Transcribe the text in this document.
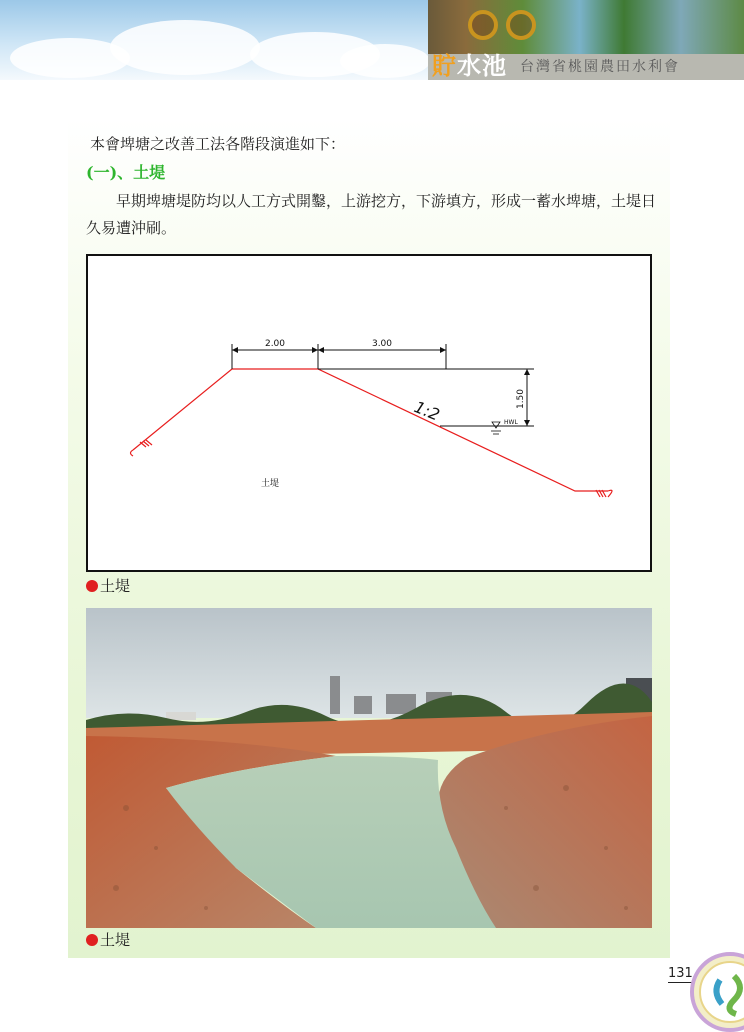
貯水池 台灣省桃園農田水利會
本會埤塘之改善工法各階段演進如下：
(一)、土堤
早期埤塘堤防均以人工方式開鑿，上游挖方，下游填方，形成一蓄水埤塘，土堤日久易遭沖刷。
2.00	3.00
1.50
1:2	HWL
土堤
土堤
土堤
131
